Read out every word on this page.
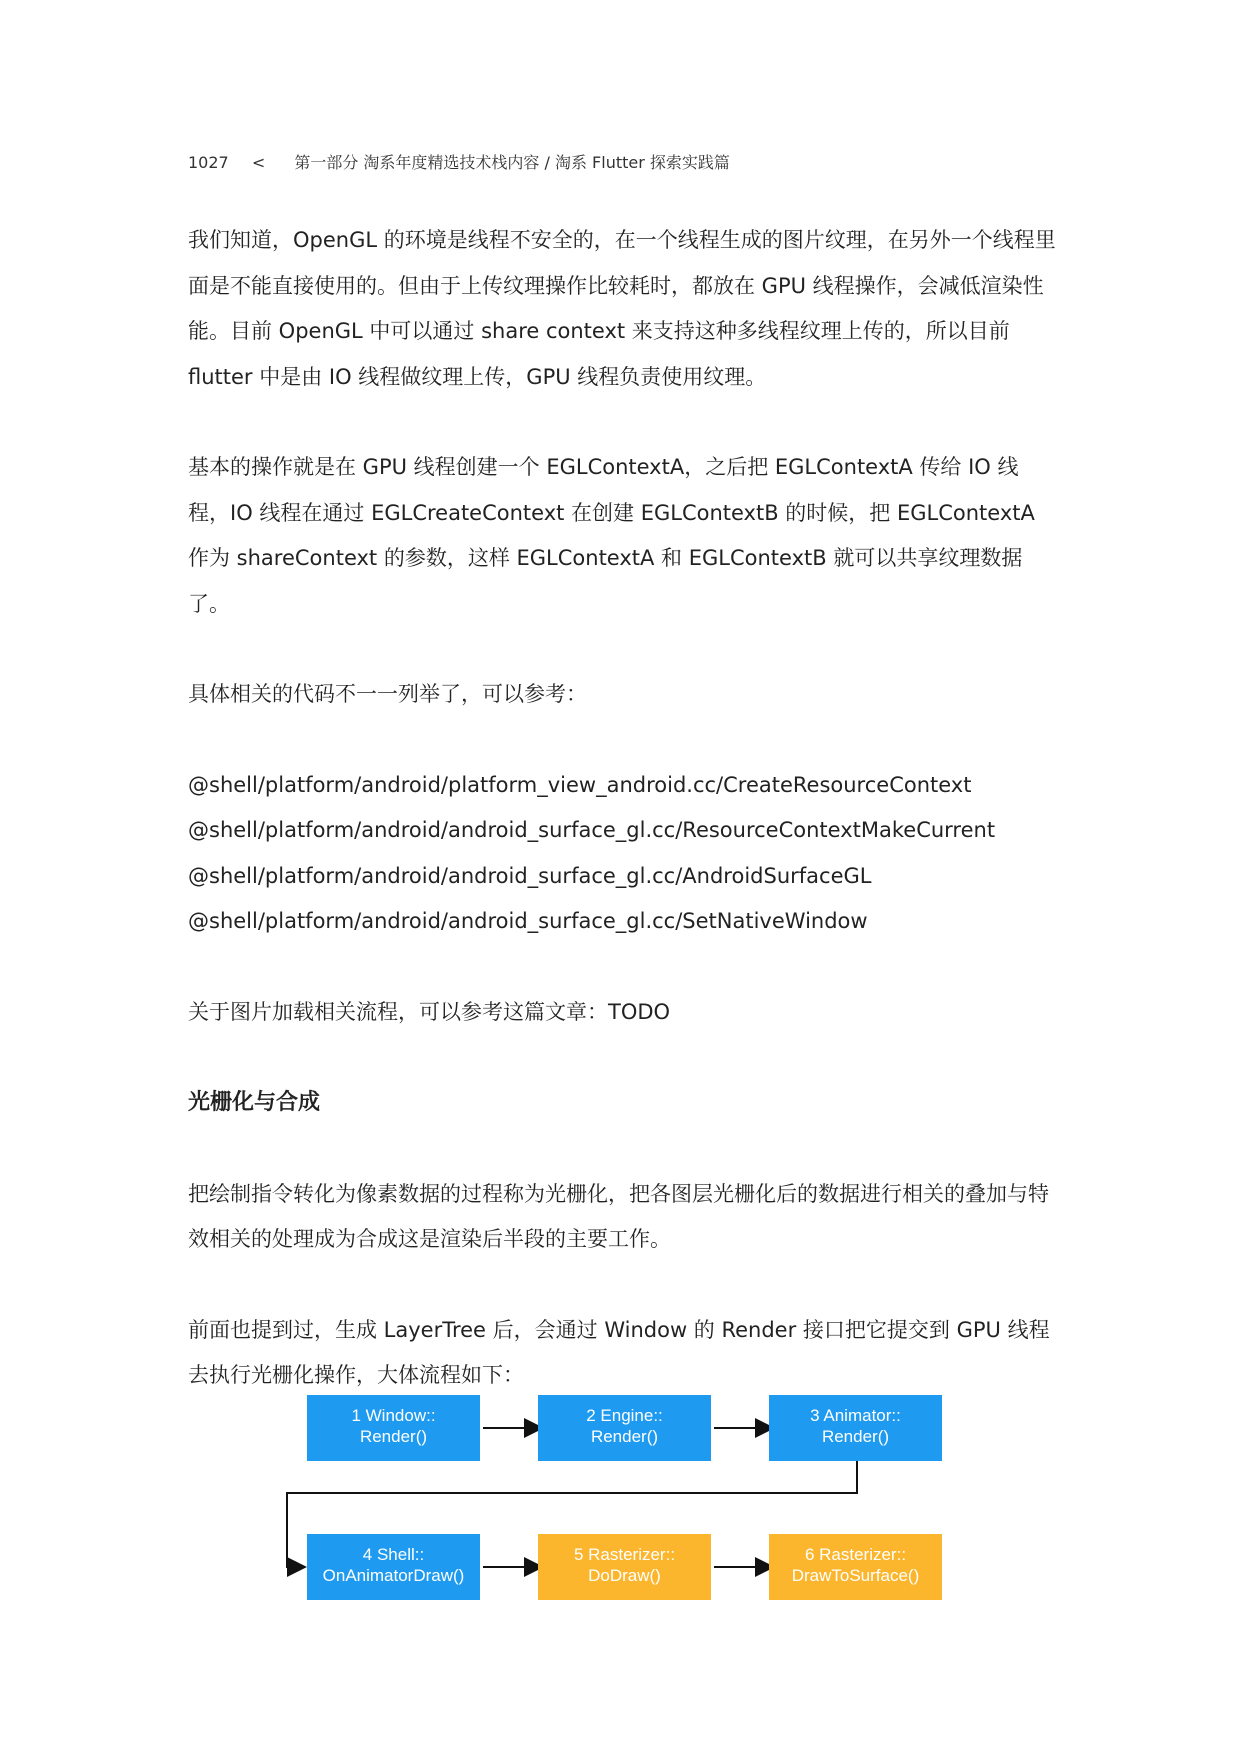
1027 < 第一部分 淘系年度精选技术栈内容 / 淘系 Flutter 探索实践篇

我们知道，OpenGL 的环境是线程不安全的，在一个线程生成的图片纹理，在另外一个线程里面是不能直接使用的。但由于上传纹理操作比较耗时，都放在 GPU 线程操作，会减低渲染性能。目前 OpenGL 中可以通过 share context 来支持这种多线程纹理上传的，所以目前 flutter 中是由 IO 线程做纹理上传，GPU 线程负责使用纹理。

基本的操作就是在 GPU 线程创建一个 EGLContextA，之后把 EGLContextA 传给 IO 线程，IO 线程在通过 EGLCreateContext 在创建 EGLContextB 的时候，把 EGLContextA 作为 shareContext 的参数，这样 EGLContextA 和 EGLContextB 就可以共享纹理数据了。

具体相关的代码不一一列举了，可以参考：

@shell/platform/android/platform_view_android.cc/CreateResourceContext
@shell/platform/android/android_surface_gl.cc/ResourceContextMakeCurrent
@shell/platform/android/android_surface_gl.cc/AndroidSurfaceGL
@shell/platform/android/android_surface_gl.cc/SetNativeWindow

关于图片加载相关流程，可以参考这篇文章：TODO

光栅化与合成

把绘制指令转化为像素数据的过程称为光栅化，把各图层光栅化后的数据进行相关的叠加与特效相关的处理成为合成这是渲染后半段的主要工作。

前面也提到过，生成 LayerTree 后，会通过 Window 的 Render 接口把它提交到 GPU 线程去执行光栅化操作，大体流程如下：

1 Window::
Render()
2 Engine::
Render()
3 Animator::
Render()
4 Shell::
OnAnimatorDraw()
5 Rasterizer::
DoDraw()
6 Rasterizer::
DrawToSurface()
